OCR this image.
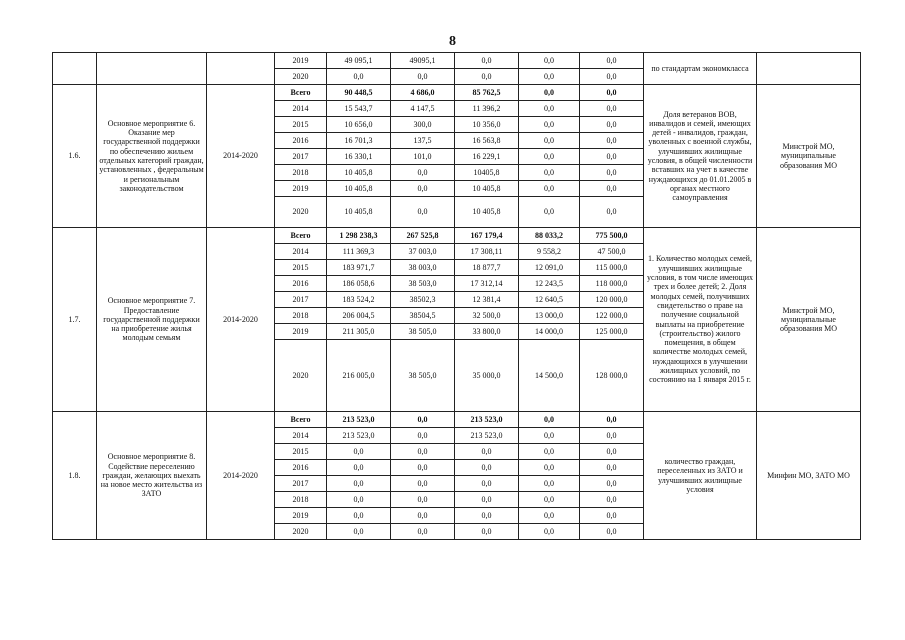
8
			2019	49 095,1	49095,1	0,0	0,0	0,0	по стандартам экономкласса	
			2020	0,0	0,0	0,0	0,0	0,0		
1.6.	Основное мероприятие 6. Оказание мер государственной поддержки по обеспечению жильем отдельных категорий граждан, установленных , федеральным и региональным законодательством	2014-2020	Всего	90 448,5	4 686,0	85 762,5	0,0	0,0	Доля ветеранов ВОВ, инвалидов и семей, имеющих детей - инвалидов, граждан, уволенных с военной службы, улучшивших жилищные условия, в общей численности вставших на учет в качестве нуждающихся до 01.01.2005 в органах местного самоуправления	Минстрой МО, муниципальные образования МО
			2014	15 543,7	4 147,5	11 396,2	0,0	0,0		
			2015	10 656,0	300,0	10 356,0	0,0	0,0		
			2016	16 701,3	137,5	16 563,8	0,0	0,0		
			2017	16 330,1	101,0	16 229,1	0,0	0,0		
			2018	10 405,8	0,0	10405,8	0,0	0,0		
			2019	10 405,8	0,0	10 405,8	0,0	0,0		
			2020	10 405,8	0,0	10 405,8	0,0	0,0		
1.7.	Основное мероприятие 7. Предоставление государственной поддержки на приобретение жилья молодым семьям	2014-2020	Всего	1 298 238,3	267 525,8	167 179,4	88 033,2	775 500,0	1. Количество молодых семей, улучшивших жилищные условия, в том числе имеющих трех и более детей; 2. Доля молодых семей, получивших свидетельство о праве на получение социальной выплаты на приобретение (строительство) жилого помещения, в общем количестве молодых семей, нуждающихся в улучшении жилищных условий, по состоянию на 1 января 2015 г.	Минстрой МО, муниципальные образования МО
			2014	111 369,3	37 003,0	17 308,11	9 558,2	47 500,0		
			2015	183 971,7	38 003,0	18 877,7	12 091,0	115 000,0		
			2016	186 058,6	38 503,0	17 312,14	12 243,5	118 000,0		
			2017	183 524,2	38502,3	12 381,4	12 640,5	120 000,0		
			2018	206 004,5	38504,5	32 500,0	13 000,0	122 000,0		
			2019	211 305,0	38 505,0	33 800,0	14 000,0	125 000,0		
			2020	216 005,0	38 505,0	35 000,0	14 500,0	128 000,0		
1.8.	Основное мероприятие 8. Содействие переселению граждан, желающих выехать на новое место жительства из ЗАТО	2014-2020	Всего	213 523,0	0,0	213 523,0	0,0	0,0	количество граждан, переселенных из ЗАТО и улучшивших жилищные условия	Минфин МО, ЗАТО МО
			2014	213 523,0	0,0	213 523,0	0,0	0,0		
			2015	0,0	0,0	0,0	0,0	0,0		
			2016	0,0	0,0	0,0	0,0	0,0		
			2017	0,0	0,0	0,0	0,0	0,0		
			2018	0,0	0,0	0,0	0,0	0,0		
			2019	0,0	0,0	0,0	0,0	0,0		
			2020	0,0	0,0	0,0	0,0	0,0		
